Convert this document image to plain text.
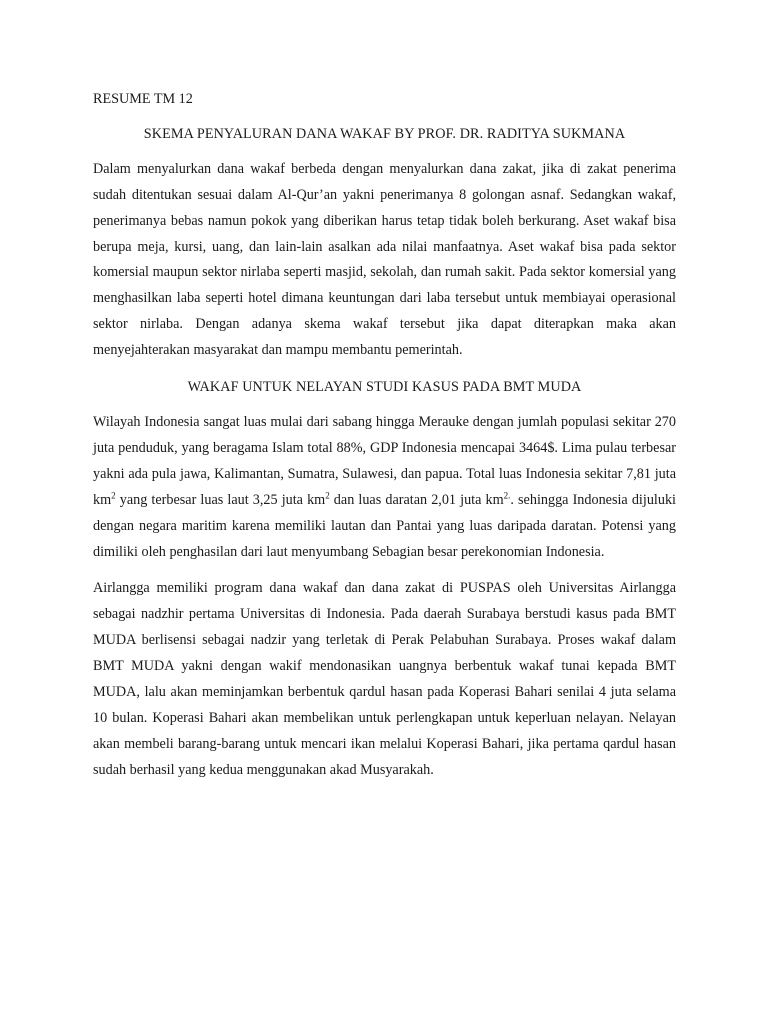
RESUME TM 12

SKEMA PENYALURAN DANA WAKAF BY PROF. DR. RADITYA SUKMANA

Dalam menyalurkan dana wakaf berbeda dengan menyalurkan dana zakat, jika di zakat penerima sudah ditentukan sesuai dalam Al-Qur’an yakni penerimanya 8 golongan asnaf. Sedangkan wakaf, penerimanya bebas namun pokok yang diberikan harus tetap tidak boleh berkurang. Aset wakaf bisa berupa meja, kursi, uang, dan lain-lain asalkan ada nilai manfaatnya. Aset wakaf bisa pada sektor komersial maupun sektor nirlaba seperti masjid, sekolah, dan rumah sakit. Pada sektor komersial yang menghasilkan laba seperti hotel dimana keuntungan dari laba tersebut untuk membiayai operasional sektor nirlaba. Dengan adanya skema wakaf tersebut jika dapat diterapkan maka akan menyejahterakan masyarakat dan mampu membantu pemerintah.

WAKAF UNTUK NELAYAN STUDI KASUS PADA BMT MUDA

Wilayah Indonesia sangat luas mulai dari sabang hingga Merauke dengan jumlah populasi sekitar 270 juta penduduk, yang beragama Islam total 88%, GDP Indonesia mencapai 3464$. Lima pulau terbesar yakni ada pula jawa, Kalimantan, Sumatra, Sulawesi, dan papua. Total luas Indonesia sekitar 7,81 juta $km^2$ yang terbesar luas laut 3,25 juta $km^2$ dan luas daratan 2,01 juta $km^{2.}$. sehingga Indonesia dijuluki dengan negara maritim karena memiliki lautan dan Pantai yang luas daripada daratan. Potensi yang dimiliki oleh penghasilan dari laut menyumbang Sebagian besar perekonomian Indonesia.

Airlangga memiliki program dana wakaf dan dana zakat di PUSPAS oleh Universitas Airlangga sebagai nadzhir pertama Universitas di Indonesia. Pada daerah Surabaya berstudi kasus pada BMT MUDA berlisensi sebagai nadzir yang terletak di Perak Pelabuhan Surabaya. Proses wakaf dalam BMT MUDA yakni dengan wakif mendonasikan uangnya berbentuk wakaf tunai kepada BMT MUDA, lalu akan meminjamkan berbentuk qardul hasan pada Koperasi Bahari senilai 4 juta selama 10 bulan. Koperasi Bahari akan membelikan untuk perlengkapan untuk keperluan nelayan. Nelayan akan membeli barang-barang untuk mencari ikan melalui Koperasi Bahari, jika pertama qardul hasan sudah berhasil yang kedua menggunakan akad Musyarakah.
